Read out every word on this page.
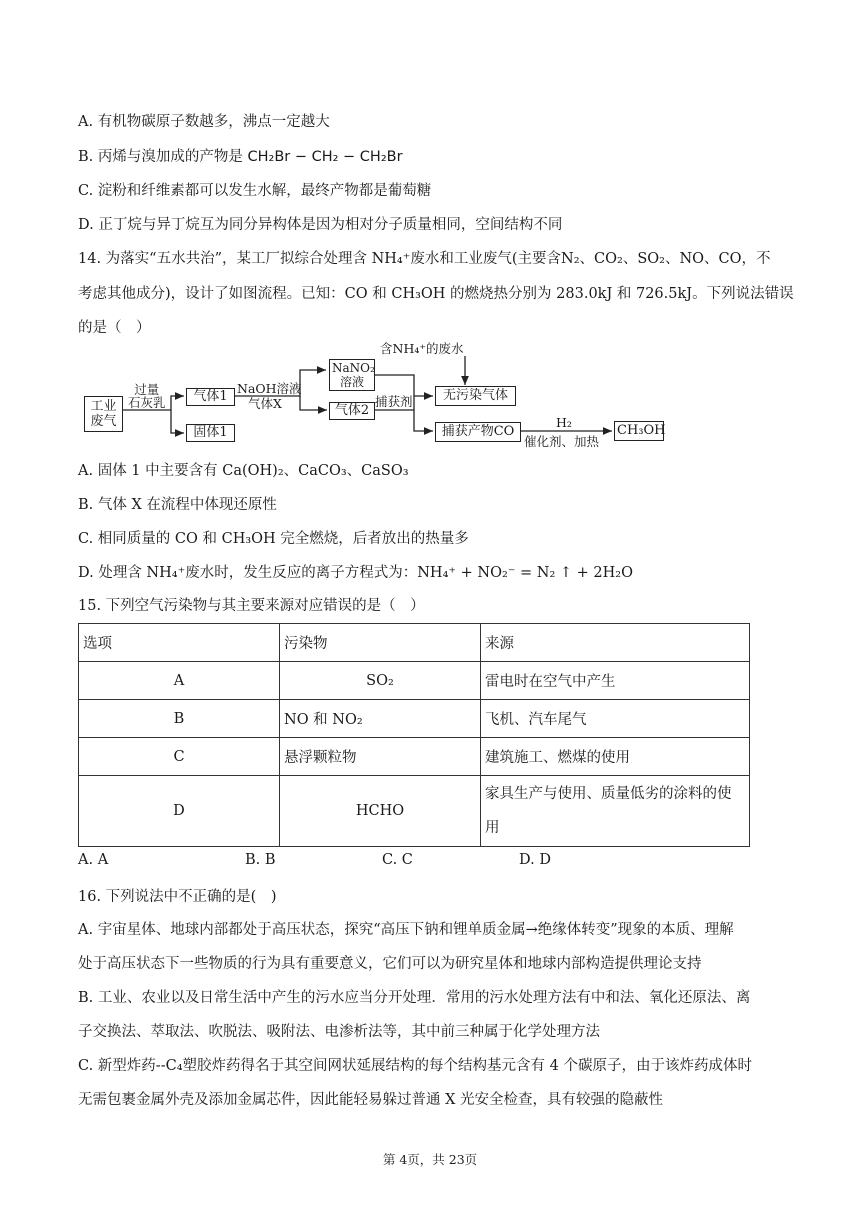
A. 有机物碳原子数越多，沸点一定越大
B. 丙烯与溴加成的产物是 CH₂Br − CH₂ − CH₂Br
C. 淀粉和纤维素都可以发生水解，最终产物都是葡萄糖
D. 正丁烷与异丁烷互为同分异构体是因为相对分子质量相同，空间结构不同
14. 为落实“五水共治”，某工厂拟综合处理含 NH₄⁺废水和工业废气(主要含N₂、CO₂、SO₂、NO、CO，不
考虑其他成分)，设计了如图流程。已知：CO 和 CH₃OH 的燃烧热分别为 283.0kJ 和 726.5kJ。下列说法错误
的是（　）
工业
废气
过量
石灰乳	气体1
固体1
NaOH溶液
气体X
NaNO₂
溶液
气体2
含NH₄⁺的废水
无污染气体
捕获剂
捕获产物CO
H₂
催化剂、加热
CH₃OH
A. 固体 1 中主要含有 Ca(OH)₂、CaCO₃、CaSO₃
B. 气体 X 在流程中体现还原性
C. 相同质量的 CO 和 CH₃OH 完全燃烧，后者放出的热量多
D. 处理含 NH₄⁺废水时，发生反应的离子方程式为：NH₄⁺ + NO₂⁻ = N₂ ↑ + 2H₂O
15. 下列空气污染物与其主要来源对应错误的是（　）
选项	污染物	来源
A	SO₂	雷电时在空气中产生
B	NO 和 NO₂	飞机、汽车尾气
C	悬浮颗粒物	建筑施工、燃煤的使用
D	HCHO	家具生产与使用、质量低劣的涂料的使用
A. A	B. B	C. C	D. D
16. 下列说法中不正确的是(　)
A. 宇宙星体、地球内部都处于高压状态，探究“高压下钠和锂单质金属→绝缘体转变”现象的本质、理解
处于高压状态下一些物质的行为具有重要意义，它们可以为研究星体和地球内部构造提供理论支持
B. 工业、农业以及日常生活中产生的污水应当分开处理．常用的污水处理方法有中和法、氧化还原法、离
子交换法、萃取法、吹脱法、吸附法、电渗析法等，其中前三种属于化学处理方法
C. 新型炸药--C₄塑胶炸药得名于其空间网状延展结构的每个结构基元含有 4 个碳原子，由于该炸药成体时
无需包裹金属外壳及添加金属芯件，因此能轻易躲过普通 X 光安全检查，具有较强的隐蔽性
第 4页，共 23页
